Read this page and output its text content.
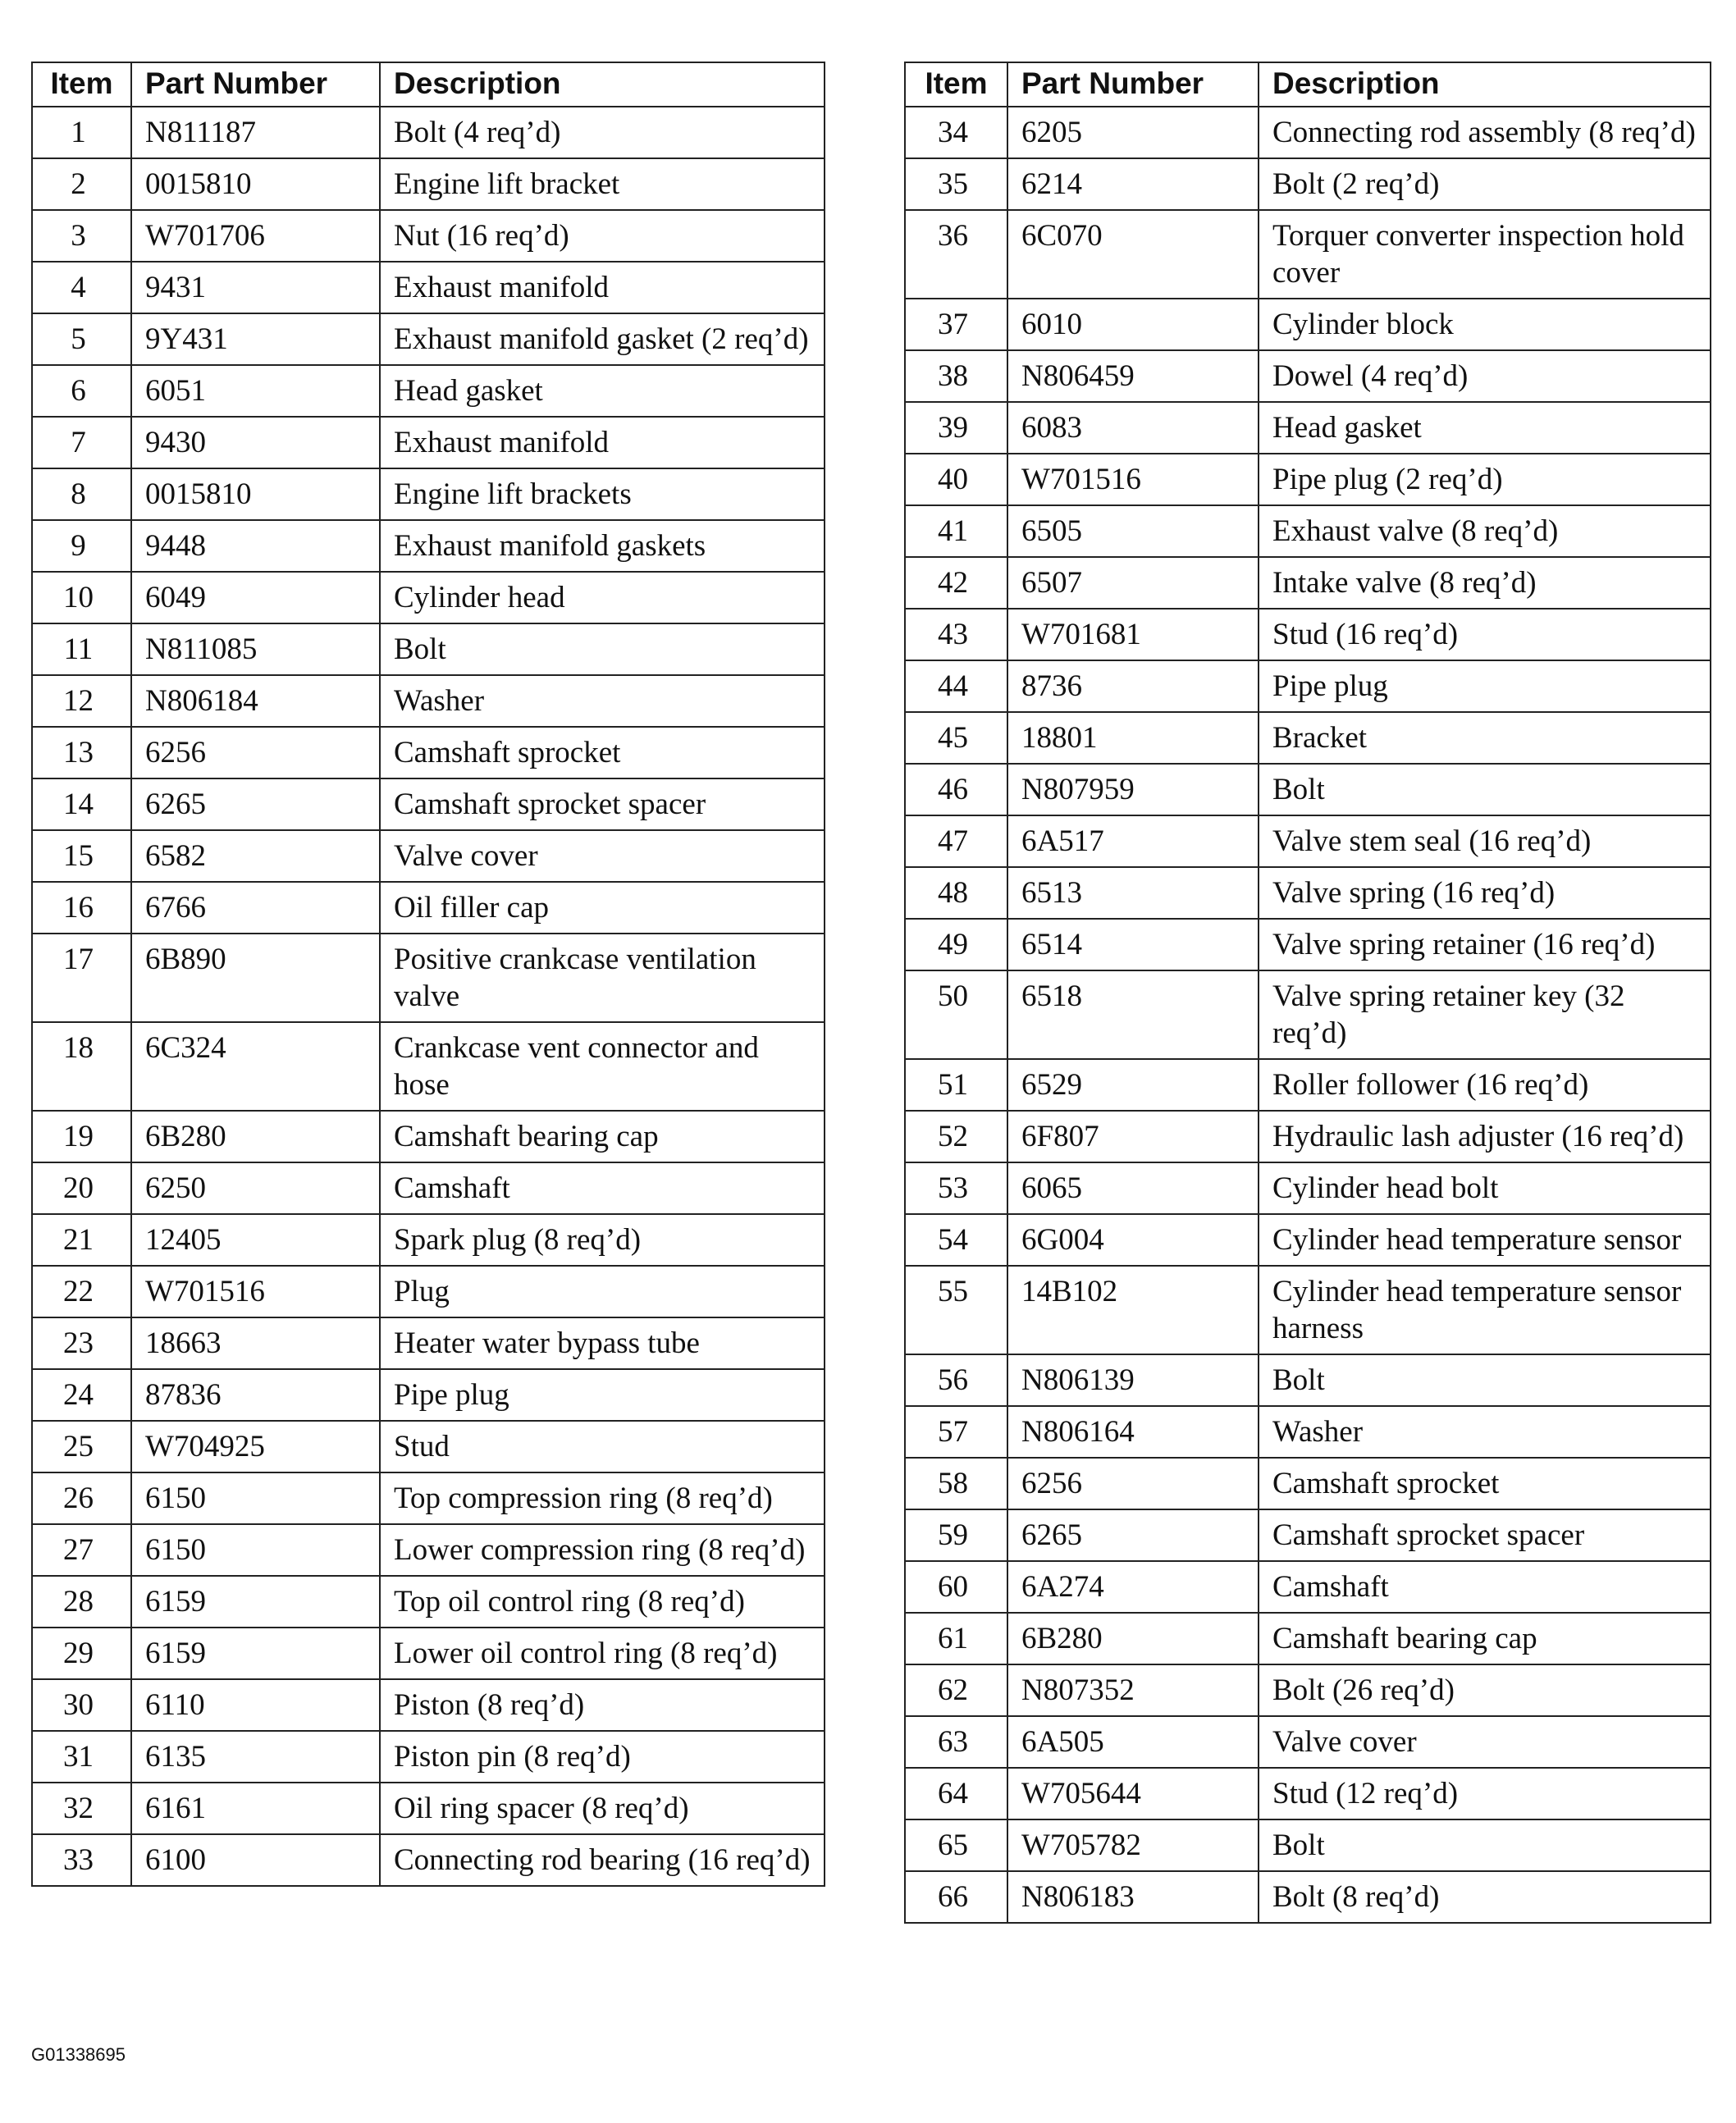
Item	Part Number	Description
1	N811187	Bolt (4 req’d)
2	0015810	Engine lift bracket
3	W701706	Nut (16 req’d)
4	9431	Exhaust manifold
5	9Y431	Exhaust manifold gasket (2 req’d)
6	6051	Head gasket
7	9430	Exhaust manifold
8	0015810	Engine lift brackets
9	9448	Exhaust manifold gaskets
10	6049	Cylinder head
11	N811085	Bolt
12	N806184	Washer
13	6256	Camshaft sprocket
14	6265	Camshaft sprocket spacer
15	6582	Valve cover
16	6766	Oil filler cap
17	6B890	Positive crankcase ventilation valve
18	6C324	Crankcase vent connector and hose
19	6B280	Camshaft bearing cap
20	6250	Camshaft
21	12405	Spark plug (8 req’d)
22	W701516	Plug
23	18663	Heater water bypass tube
24	87836	Pipe plug
25	W704925	Stud
26	6150	Top compression ring (8 req’d)
27	6150	Lower compression ring (8 req’d)
28	6159	Top oil control ring (8 req’d)
29	6159	Lower oil control ring (8 req’d)
30	6110	Piston (8 req’d)
31	6135	Piston pin (8 req’d)
32	6161	Oil ring spacer (8 req’d)
33	6100	Connecting rod bearing (16 req’d)
Item	Part Number	Description
34	6205	Connecting rod assembly (8 req’d)
35	6214	Bolt (2 req’d)
36	6C070	Torquer converter inspection hold cover
37	6010	Cylinder block
38	N806459	Dowel (4 req’d)
39	6083	Head gasket
40	W701516	Pipe plug (2 req’d)
41	6505	Exhaust valve (8 req’d)
42	6507	Intake valve (8 req’d)
43	W701681	Stud (16 req’d)
44	8736	Pipe plug
45	18801	Bracket
46	N807959	Bolt
47	6A517	Valve stem seal (16 req’d)
48	6513	Valve spring (16 req’d)
49	6514	Valve spring retainer (16 req’d)
50	6518	Valve spring retainer key (32 req’d)
51	6529	Roller follower (16 req’d)
52	6F807	Hydraulic lash adjuster (16 req’d)
53	6065	Cylinder head bolt
54	6G004	Cylinder head temperature sensor
55	14B102	Cylinder head temperature sensor harness
56	N806139	Bolt
57	N806164	Washer
58	6256	Camshaft sprocket
59	6265	Camshaft sprocket spacer
60	6A274	Camshaft
61	6B280	Camshaft bearing cap
62	N807352	Bolt (26 req’d)
63	6A505	Valve cover
64	W705644	Stud (12 req’d)
65	W705782	Bolt
66	N806183	Bolt (8 req’d)
G01338695
